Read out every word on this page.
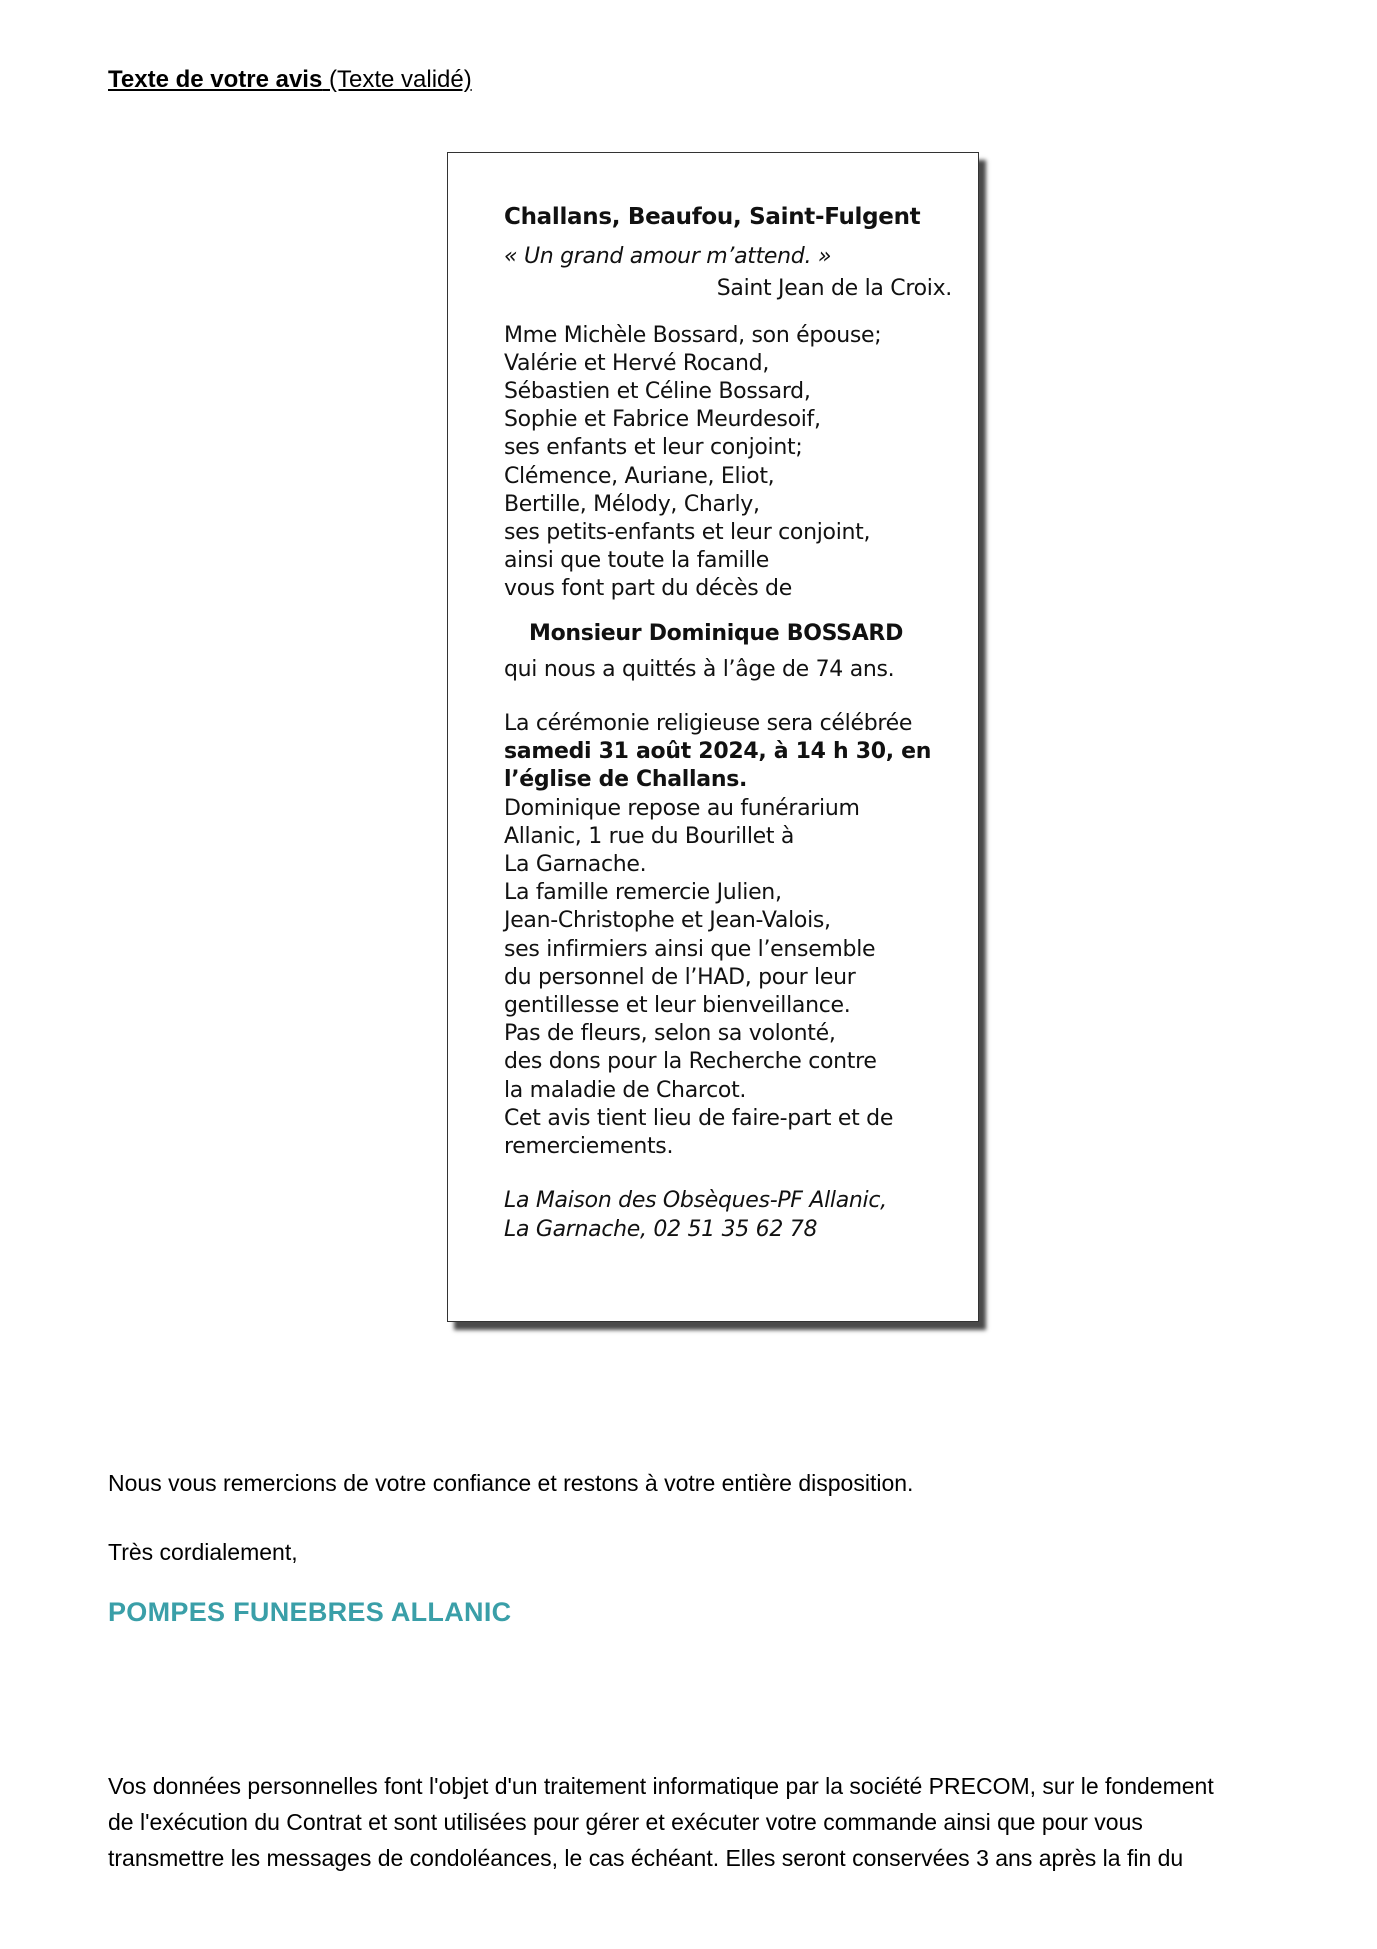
Texte de votre avis (Texte validé)
Challans, Beaufou, Saint-Fulgent
« Un grand amour m’attend. »
Saint Jean de la Croix.
Mme Michèle Bossard, son épouse;
Valérie et Hervé Rocand,
Sébastien et Céline Bossard,
Sophie et Fabrice Meurdesoif,
ses enfants et leur conjoint;
Clémence, Auriane, Eliot,
Bertille, Mélody, Charly,
ses petits-enfants et leur conjoint,
ainsi que toute la famille
vous font part du décès de
Monsieur Dominique BOSSARD
qui nous a quittés à l’âge de 74 ans.
La cérémonie religieuse sera célébrée
samedi 31 août 2024, à 14 h 30, en
l’église de Challans.
Dominique repose au funérarium
Allanic, 1 rue du Bourillet à
La Garnache.
La famille remercie Julien,
Jean-Christophe et Jean-Valois,
ses infirmiers ainsi que l’ensemble
du personnel de l’HAD, pour leur
gentillesse et leur bienveillance.
Pas de fleurs, selon sa volonté,
des dons pour la Recherche contre
la maladie de Charcot.
Cet avis tient lieu de faire-part et de
remerciements.
La Maison des Obsèques-PF Allanic,
La Garnache, 02 51 35 62 78
Nous vous remercions de votre confiance et restons à votre entière disposition.
Très cordialement,
POMPES FUNEBRES ALLANIC
Vos données personnelles font l'objet d'un traitement informatique par la société PRECOM, sur le fondement
de l'exécution du Contrat et sont utilisées pour gérer et exécuter votre commande ainsi que pour vous
transmettre les messages de condoléances, le cas échéant. Elles seront conservées 3 ans après la fin du
